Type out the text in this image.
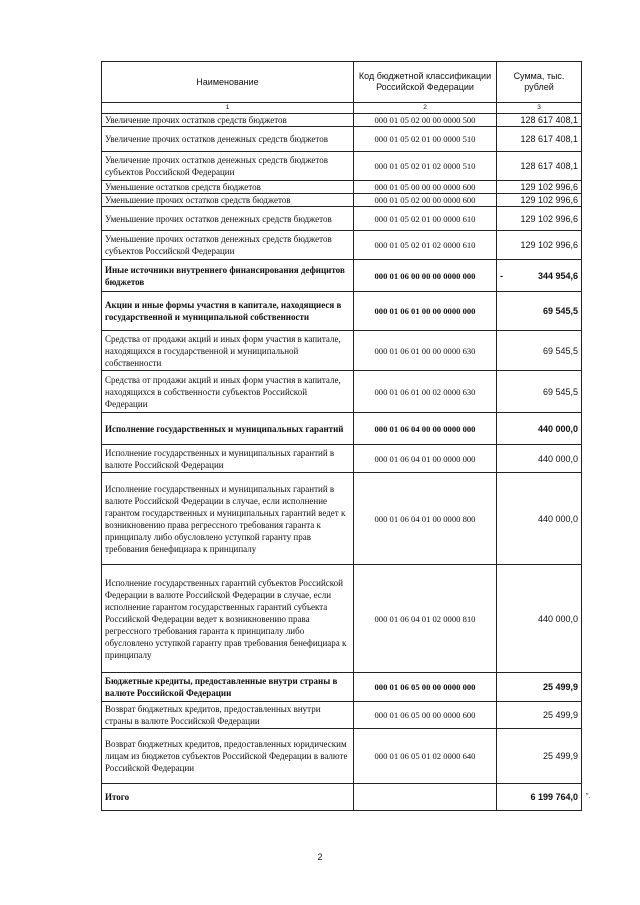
Наименование	Код бюджетной классификации Российской Федерации	Сумма, тыс. рублей
1	2	3
Увеличение прочих остатков средств бюджетов	000 01 05 02 00 00 0000 500	128 617 408,1
Увеличение прочих остатков денежных средств бюджетов	000 01 05 02 01 00 0000 510	128 617 408,1
Увеличение прочих остатков денежных средств бюджетов субъектов Российской Федерации	000 01 05 02 01 02 0000 510	128 617 408,1
Уменьшение остатков средств бюджетов	000 01 05 00 00 00 0000 600	129 102 996,6
Уменьшение прочих остатков средств бюджетов	000 01 05 02 00 00 0000 600	129 102 996,6
Уменьшение прочих остатков денежных средств бюджетов	000 01 05 02 01 00 0000 610	129 102 996,6
Уменьшение прочих остатков денежных средств бюджетов субъектов Российской Федерации	000 01 05 02 01 02 0000 610	129 102 996,6
Иные источники внутреннего финансирования дефицитов бюджетов	000 01 06 00 00 00 0000 000	- 344 954,6
Акции и иные формы участия в капитале, находящиеся в государственной и муниципальной собственности	000 01 06 01 00 00 0000 000	69 545,5
Средства от продажи акций и иных форм участия в капитале, находящихся в государственной и муниципальной собственности	000 01 06 01 00 00 0000 630	69 545,5
Средства от продажи акций и иных форм участия в капитале, находящихся в собственности субъектов Российской Федерации	000 01 06 01 00 02 0000 630	69 545,5
Исполнение государственных и муниципальных гарантий	000 01 06 04 00 00 0000 000	440 000,0
Исполнение государственных и муниципальных гарантий в валюте Российской Федерации	000 01 06 04 01 00 0000 000	440 000,0
Исполнение государственных и муниципальных гарантий в валюте Российской Федерации в случае, если исполнение гарантом государственных и муниципальных гарантий ведет к возникновению права регрессного требования гаранта к принципалу либо обусловлено уступкой гаранту прав требования бенефициара к принципалу	000 01 06 04 01 00 0000 800	440 000,0
Исполнение государственных гарантий субъектов Российской Федерации в валюте Российской Федерации в случае, если исполнение гарантом государственных гарантий субъекта Российской Федерации ведет к возникновению права регрессного требования гаранта к принципалу либо обусловлено уступкой гаранту прав требования бенефициара к принципалу	000 01 06 04 01 02 0000 810	440 000,0
Бюджетные кредиты, предоставленные внутри страны в валюте Российской Федерации	000 01 06 05 00 00 0000 000	25 499,9
Возврат бюджетных кредитов, предоставленных внутри страны в валюте Российской Федерации	000 01 06 05 00 00 0000 600	25 499,9
Возврат бюджетных кредитов, предоставленных юридическим лицам из бюджетов субъектов Российской Федерации в валюте Российской Федерации	000 01 06 05 01 02 0000 640	25 499,9
Итого		6 199 764,0 ".
2
